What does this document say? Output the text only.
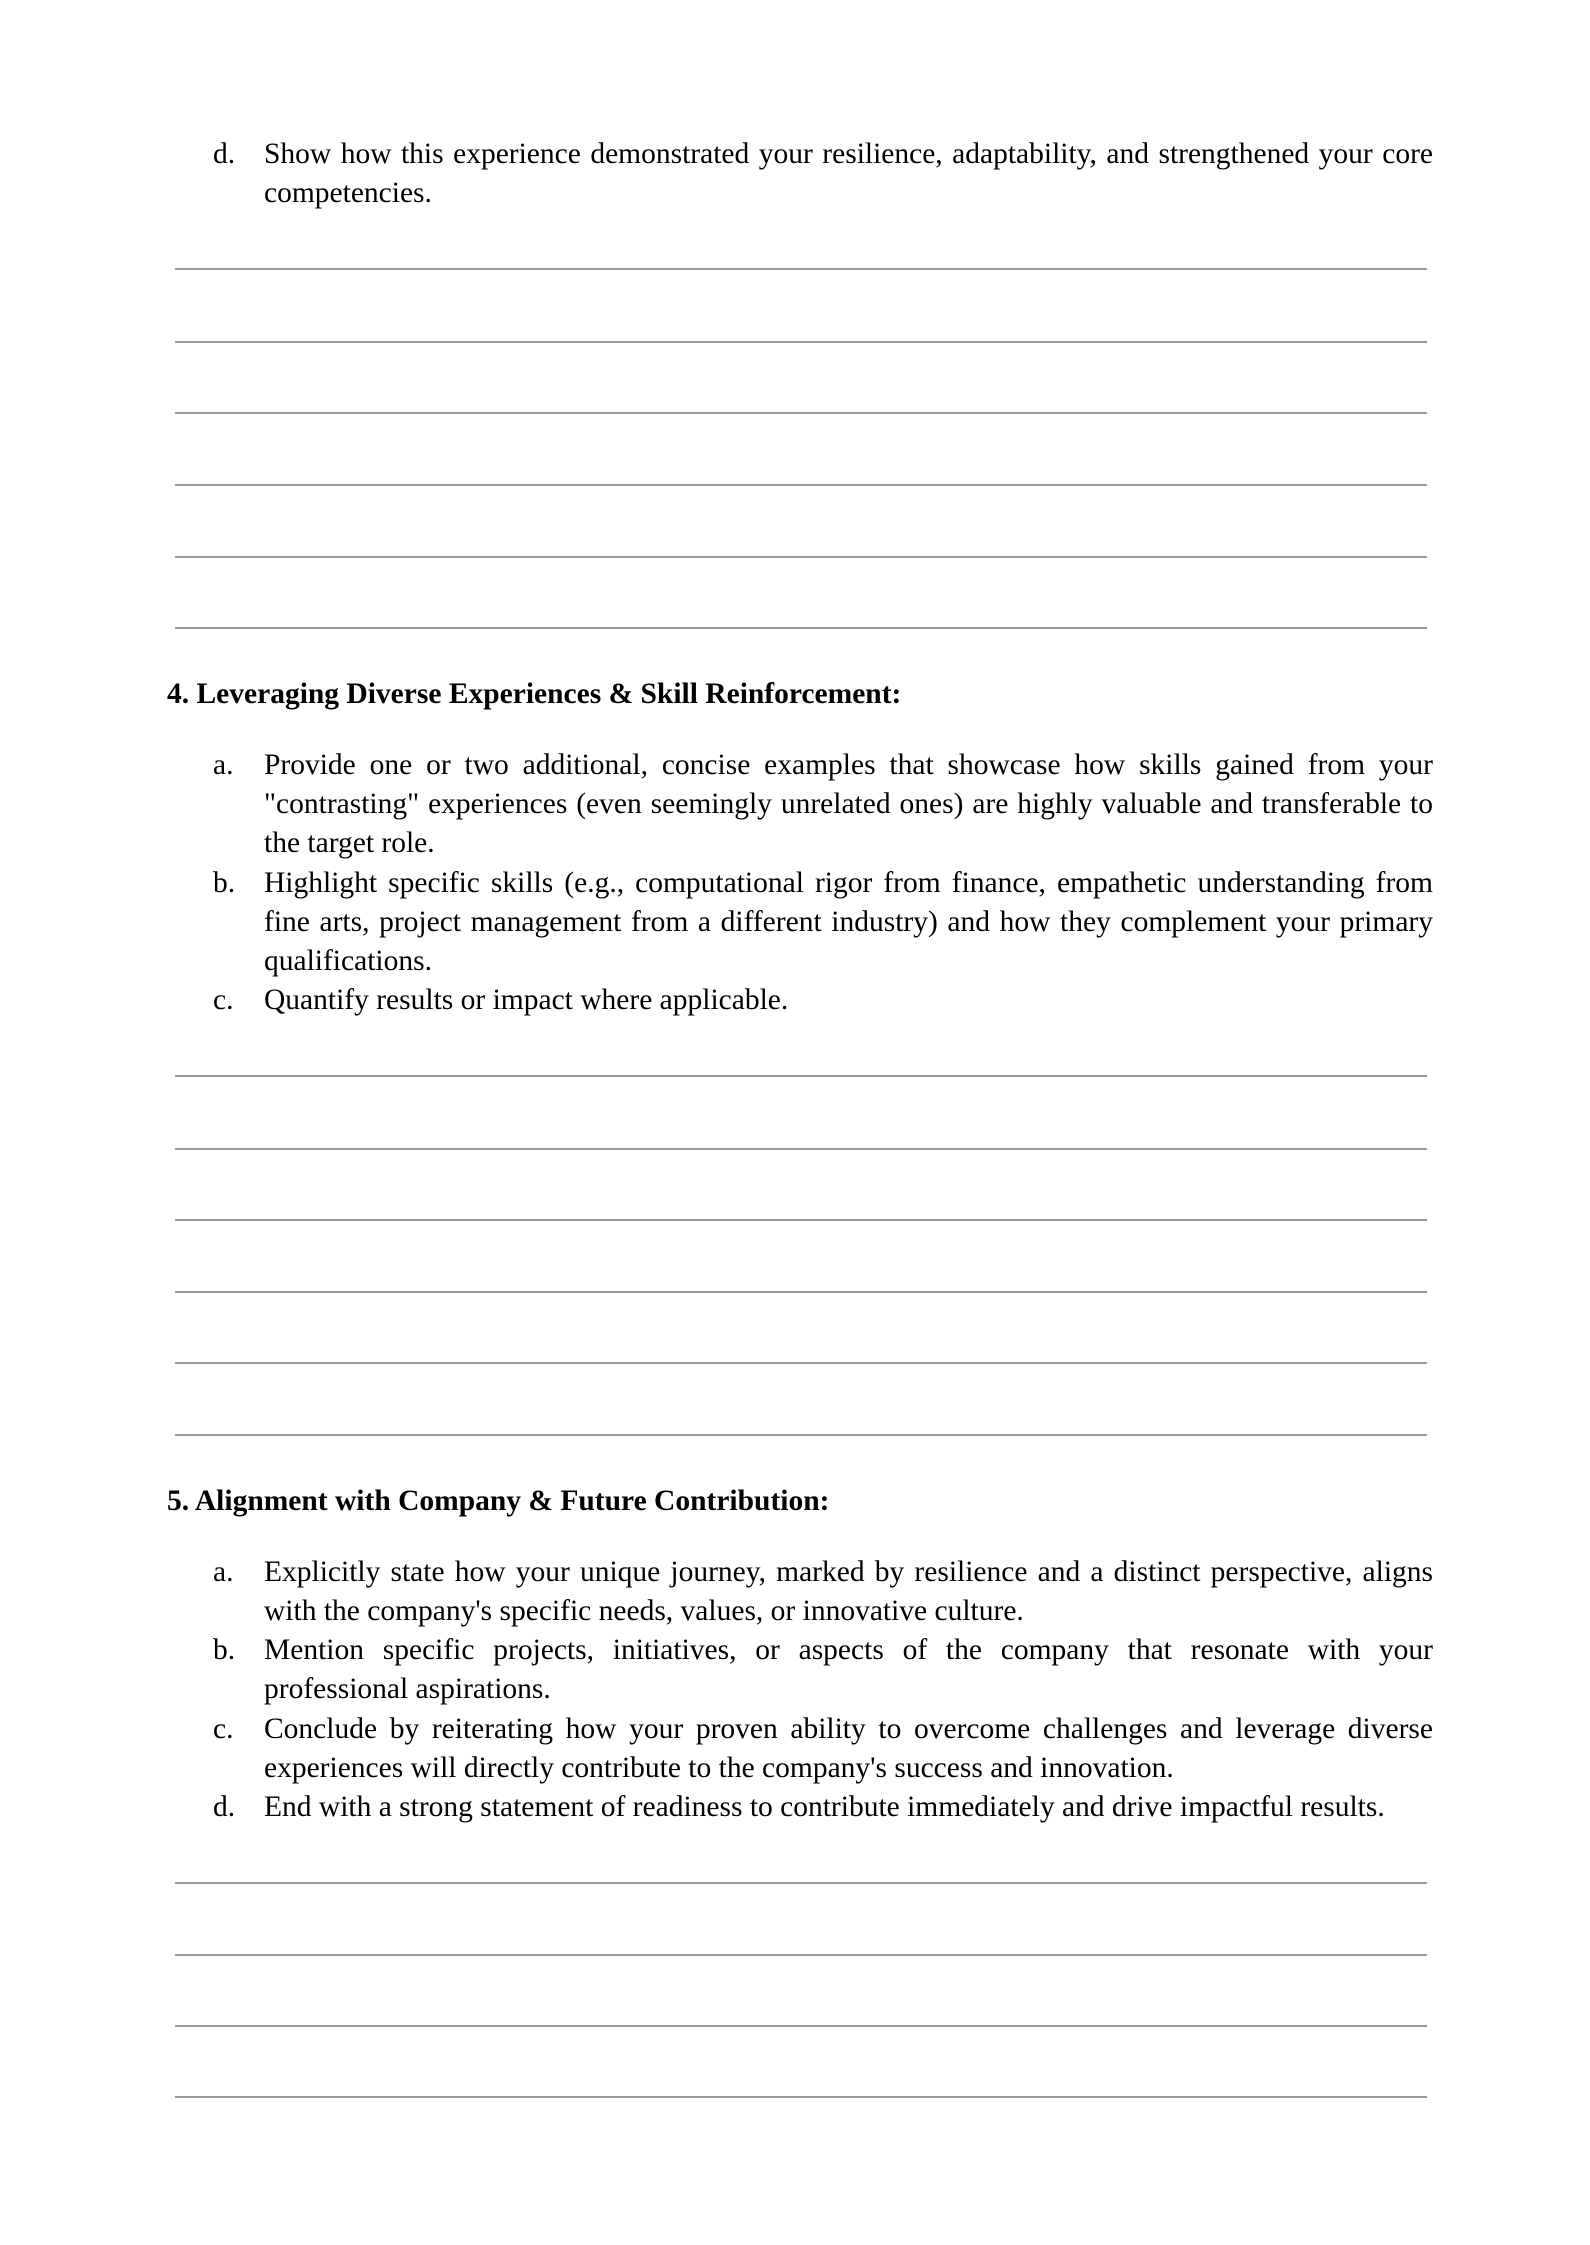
d. Show how this experience demonstrated your resilience, adaptability, and strengthened your core competencies.
4. Leveraging Diverse Experiences & Skill Reinforcement:
a. Provide one or two additional, concise examples that showcase how skills gained from your "contrasting" experiences (even seemingly unrelated ones) are highly valuable and transferable to the target role.
b. Highlight specific skills (e.g., computational rigor from finance, empathetic understanding from fine arts, project management from a different industry) and how they complement your primary qualifications.
c. Quantify results or impact where applicable.
5. Alignment with Company & Future Contribution:
a. Explicitly state how your unique journey, marked by resilience and a distinct perspective, aligns with the company's specific needs, values, or innovative culture.
b. Mention specific projects, initiatives, or aspects of the company that resonate with your professional aspirations.
c. Conclude by reiterating how your proven ability to overcome challenges and leverage diverse experiences will directly contribute to the company's success and innovation.
d. End with a strong statement of readiness to contribute immediately and drive impactful results.
